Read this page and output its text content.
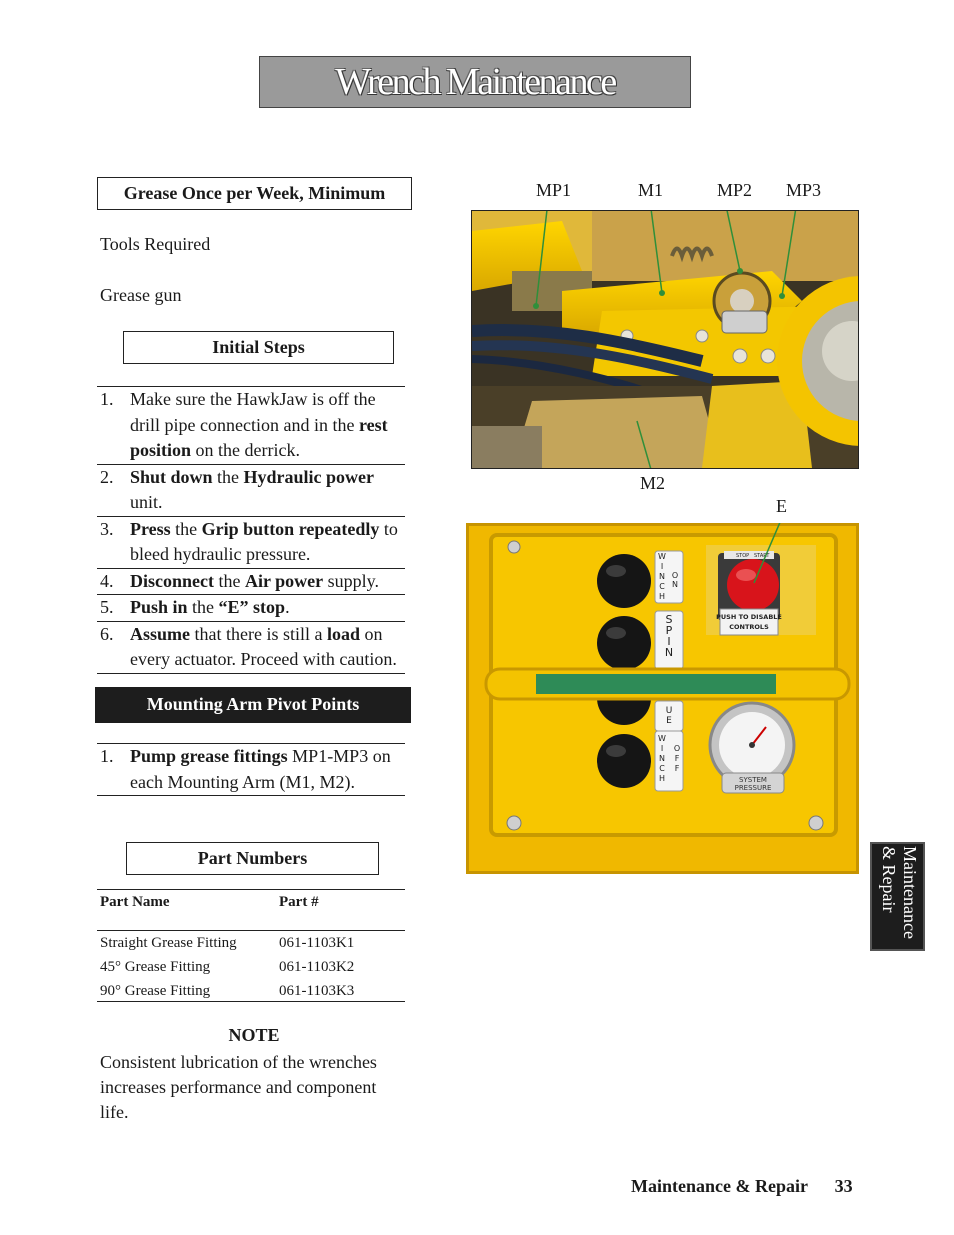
Wrench Maintenance
Grease Once per Week, Minimum
Tools Required
Grease gun
Initial Steps
1. Make sure the HawkJaw is off the drill pipe connection and in the rest position on the derrick.
2. Shut down the Hydraulic power unit.
3. Press the Grip button repeatedly to bleed hydraulic pressure.
4. Disconnect the Air power supply.
5. Push in the “E” stop.
6. Assume that there is still a load on every actuator. Proceed with caution.
Mounting Arm Pivot Points
1. Pump grease fittings MP1-MP3 on each Mounting Arm (M1, M2).
Part Numbers
Part Name	Part #
Straight Grease Fitting	061-1103K1
45° Grease Fitting	061-1103K2
90° Grease Fitting	061-1103K3
NOTE
Consistent lubrication of the wrenches increases performance and component life.
MP1	M1	MP2 MP3
M2
E
W
I
N
C
H
O
N
S
P
I
N
U
E
W
I
N
C
H
O
F
F
STOP START
PUSH TO DISABLE
CONTROLS
SYSTEM
PRESSURE
Maintenance & Repair
Maintenance & Repair 33
